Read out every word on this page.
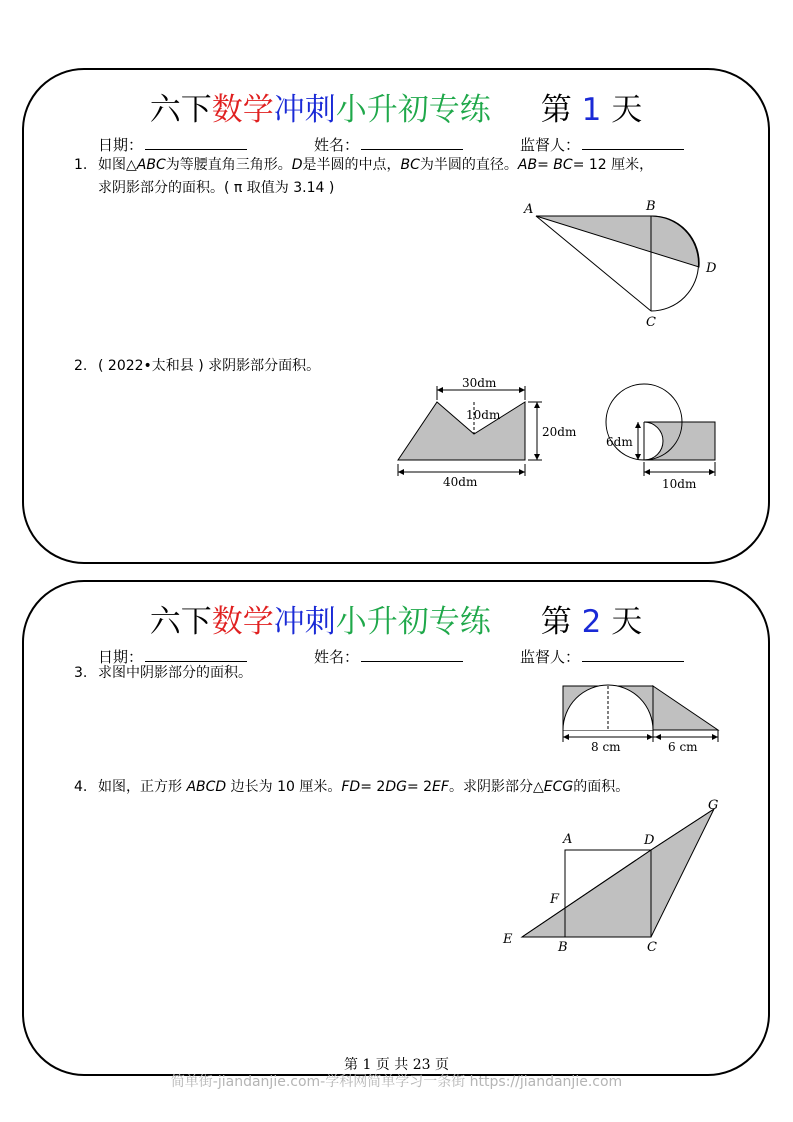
六下数学冲刺小升初专练 第 1 天
日期：	姓名：	监督人：
1. 如图△ABC为等腰直角三角形。D是半圆的中点，BC为半圆的直径。AB= BC= 12 厘米，
求阴影部分的面积。( π 取值为 3.14 )
A	B
C
D
2. ( 2022•太和县 ) 求阴影部分面积。
30dm
10dm
20dm
40dm
6dm
10dm
六下数学冲刺小升初专练 第 2 天
日期：	姓名：	监督人：
3. 求图中阴影部分的面积。
8 cm	6 cm
4. 如图，正方形 ABCD 边长为 10 厘米。FD= 2DG= 2EF。求阴影部分△ECG的面积。
A	D
G
F
E
B	C
第 1 页 共 23 页
简单街-jiandanjie.com-学科网简单学习一条街 https://jiandanjie.com
